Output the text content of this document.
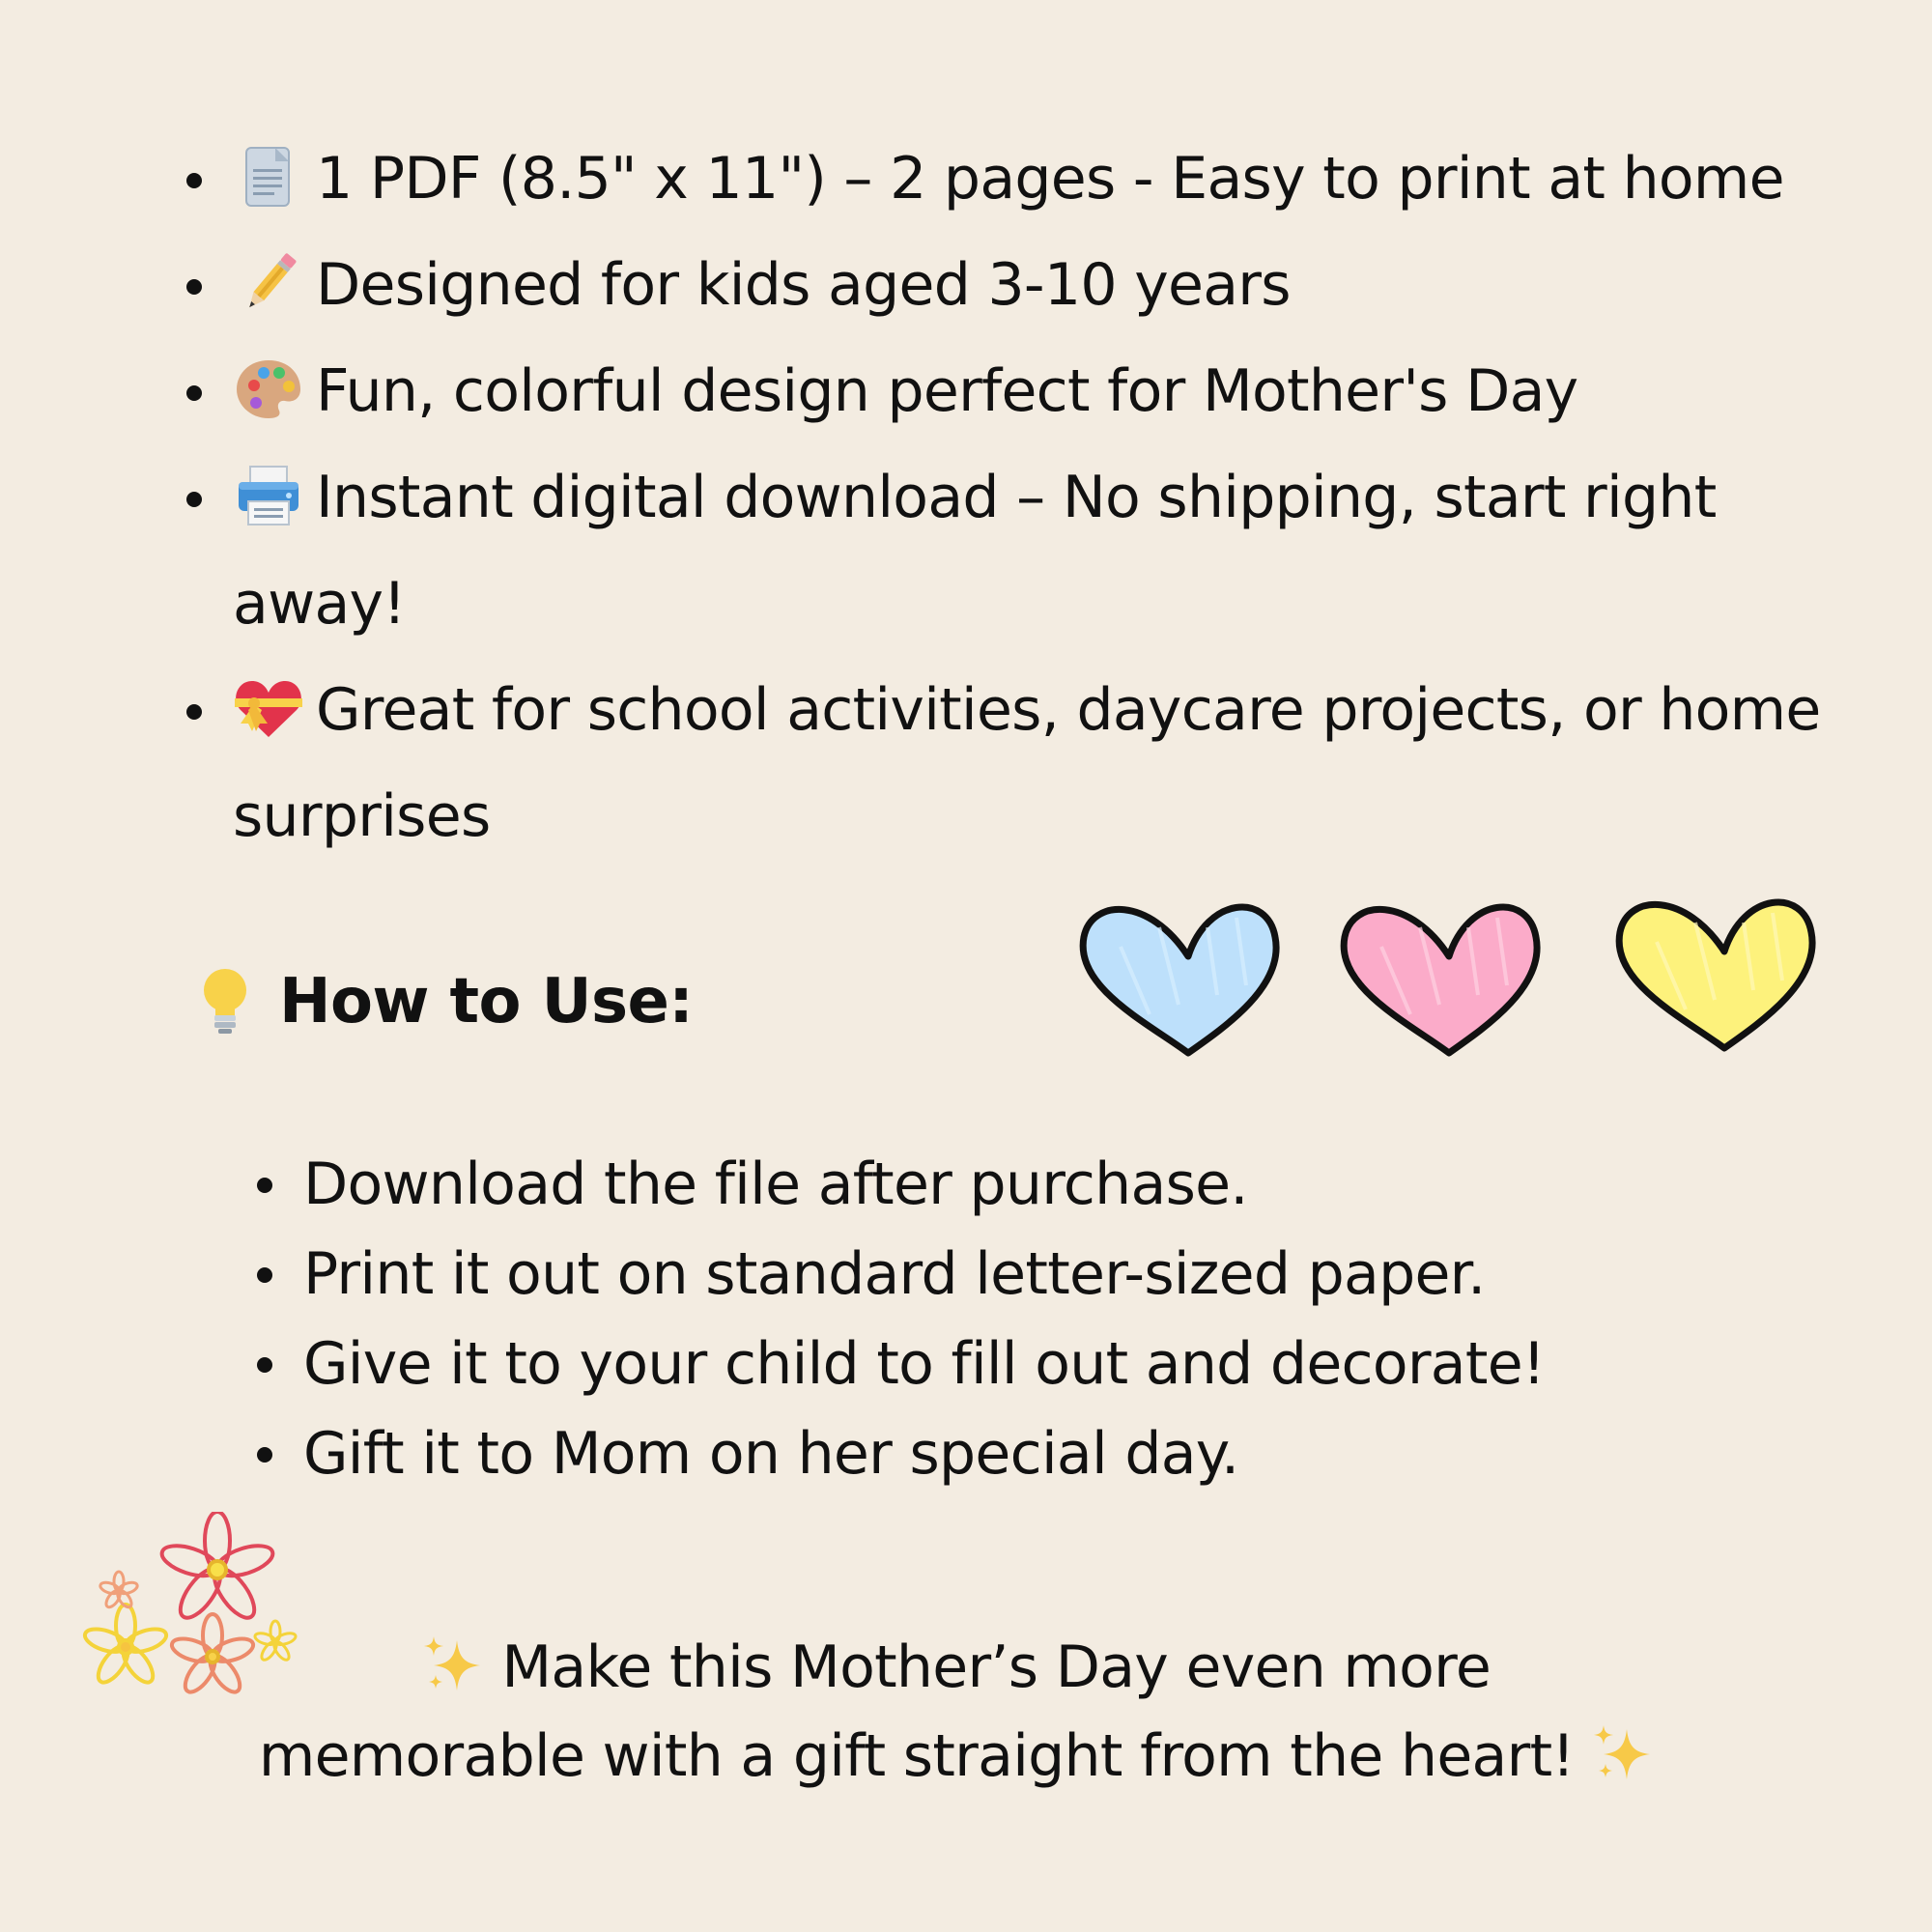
1 PDF (8.5" x 11") – 2 pages - Easy to print at home
Designed for kids aged 3-10 years
Fun, colorful design perfect for Mother's Day
Instant digital download – No shipping, start right away!
Great for school activities, daycare projects, or home surprises
How to Use:
Download the file after purchase.
Print it out on standard letter-sized paper.
Give it to your child to fill out and decorate!
Gift it to Mom on her special day.

Make this Mother’s Day even more
memorable with a gift straight from the heart!
